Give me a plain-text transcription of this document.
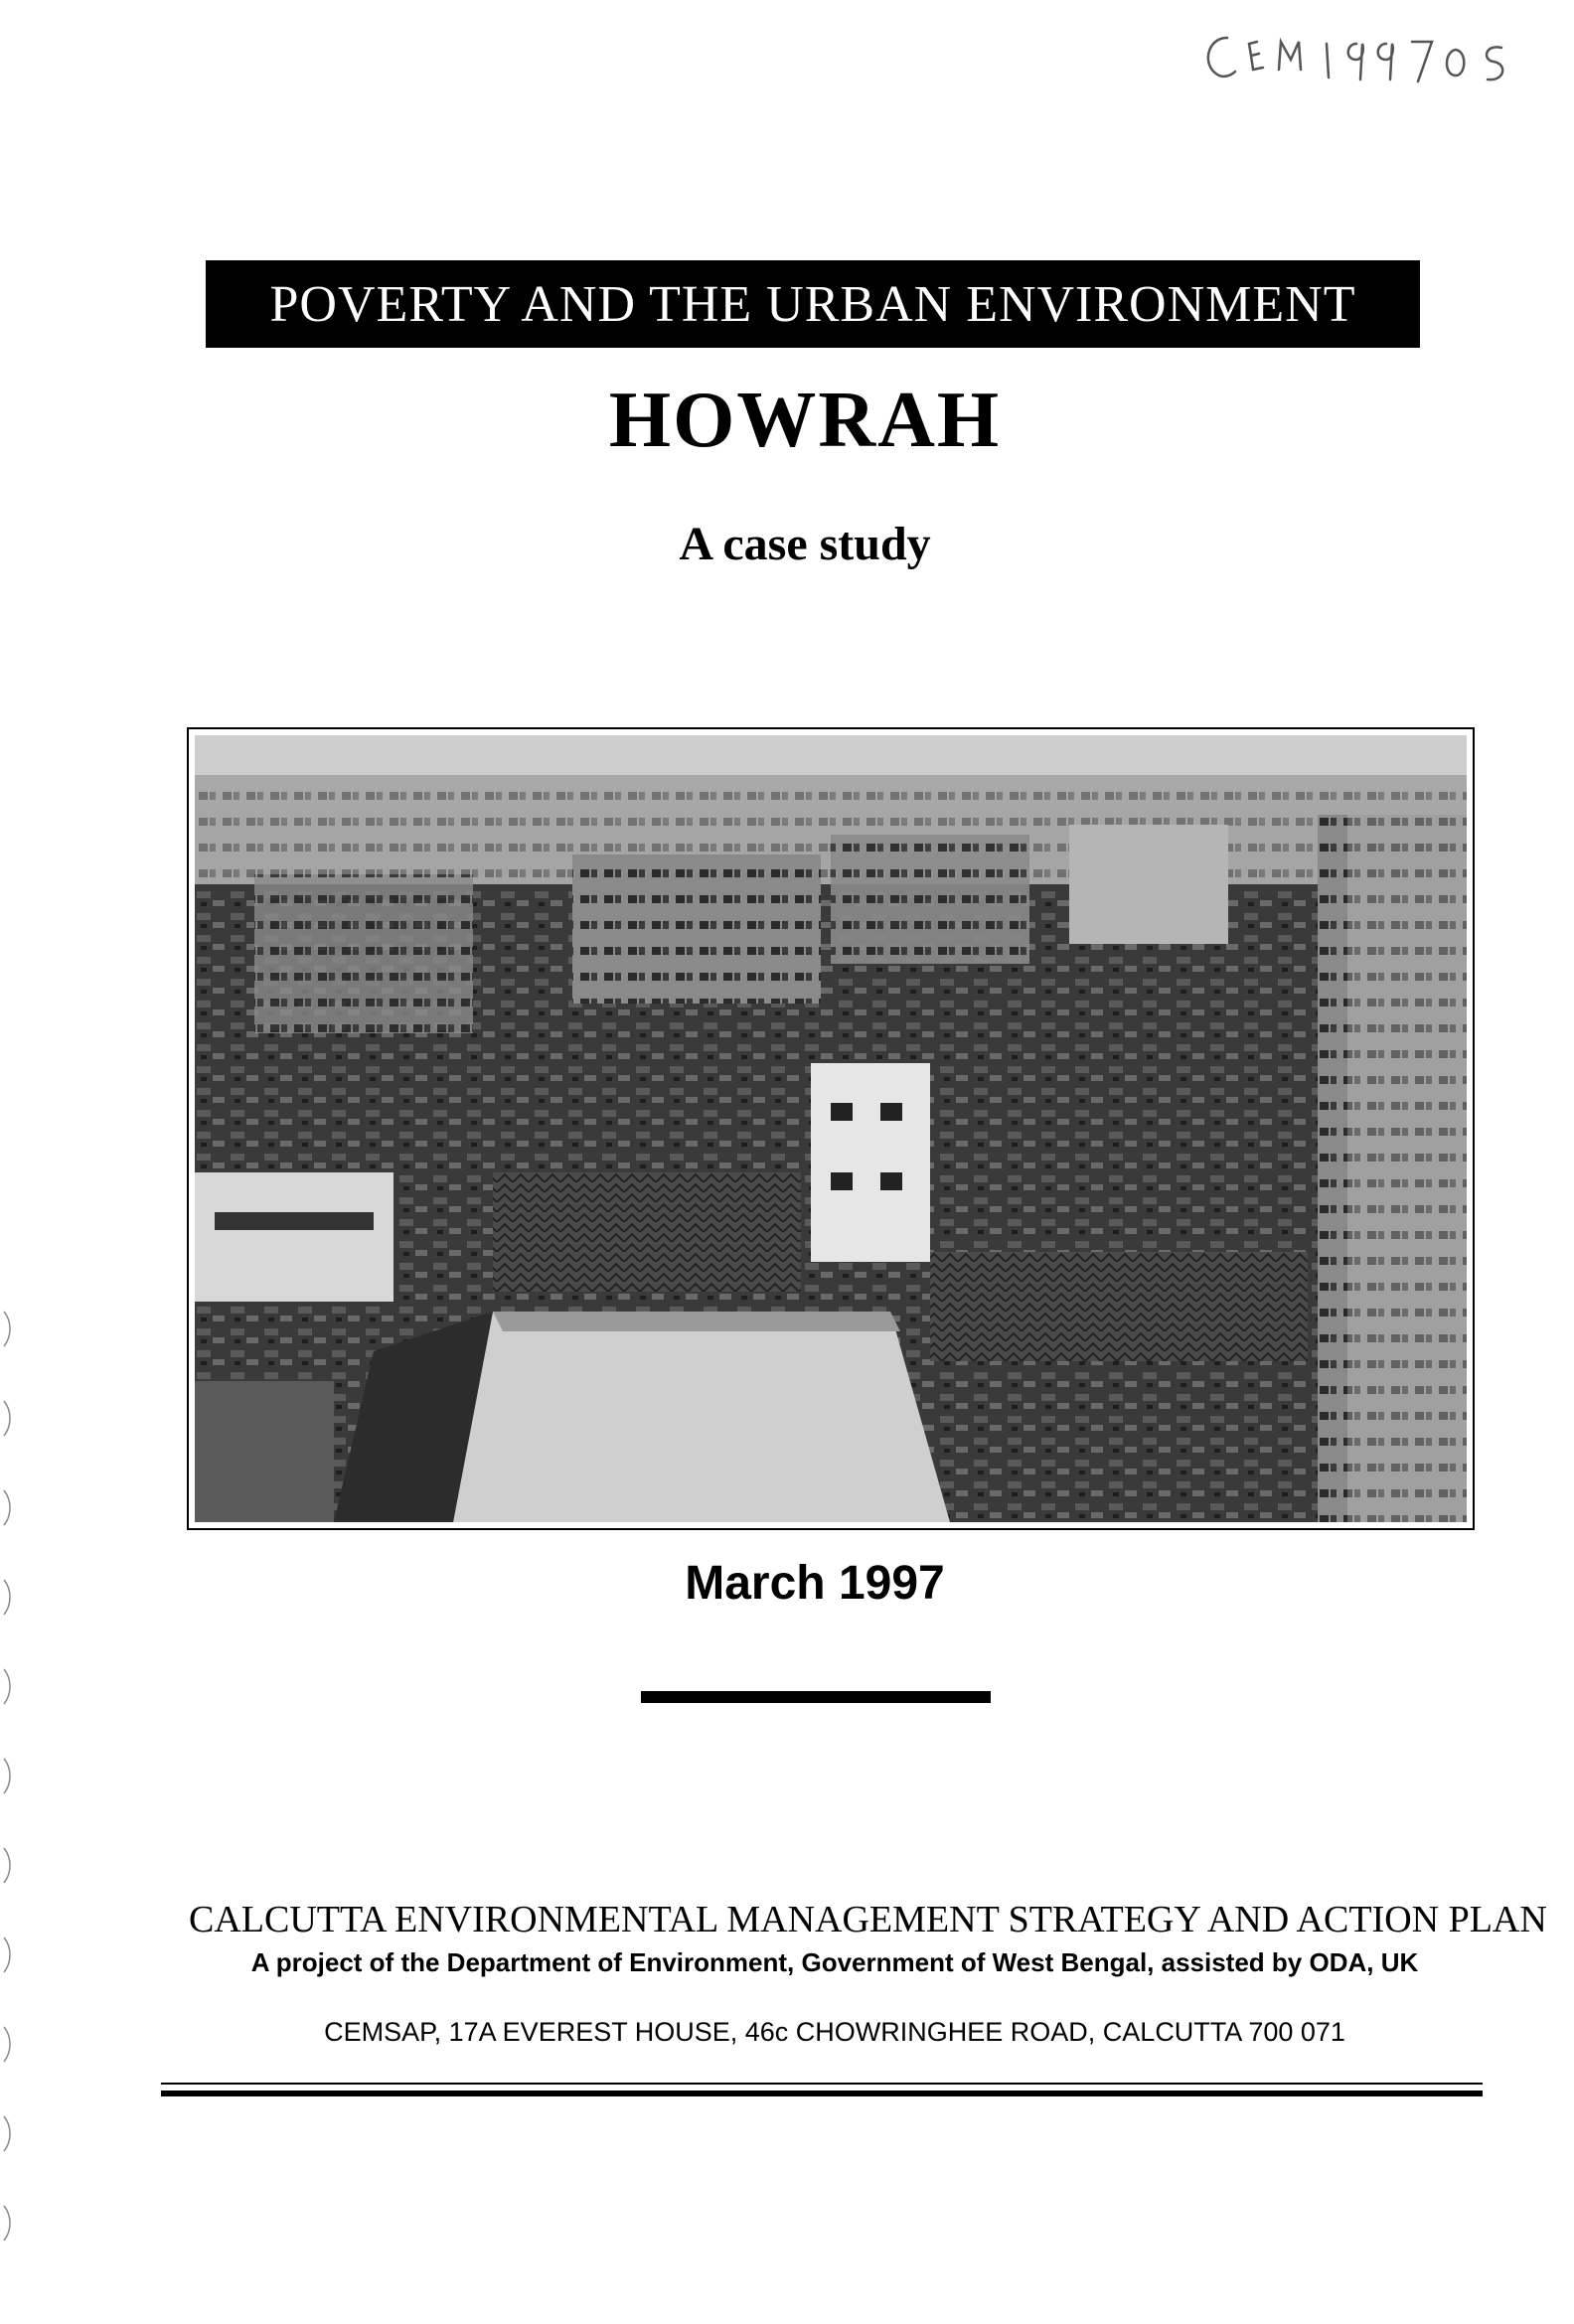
POVERTY AND THE URBAN ENVIRONMENT
HOWRAH
A case study
March 1997
CALCUTTA ENVIRONMENTAL MANAGEMENT STRATEGY AND ACTION PLAN
A project of the Department of Environment, Government of West Bengal, assisted by ODA, UK
CEMSAP, 17A EVEREST HOUSE, 46c CHOWRINGHEE ROAD, CALCUTTA 700 071
